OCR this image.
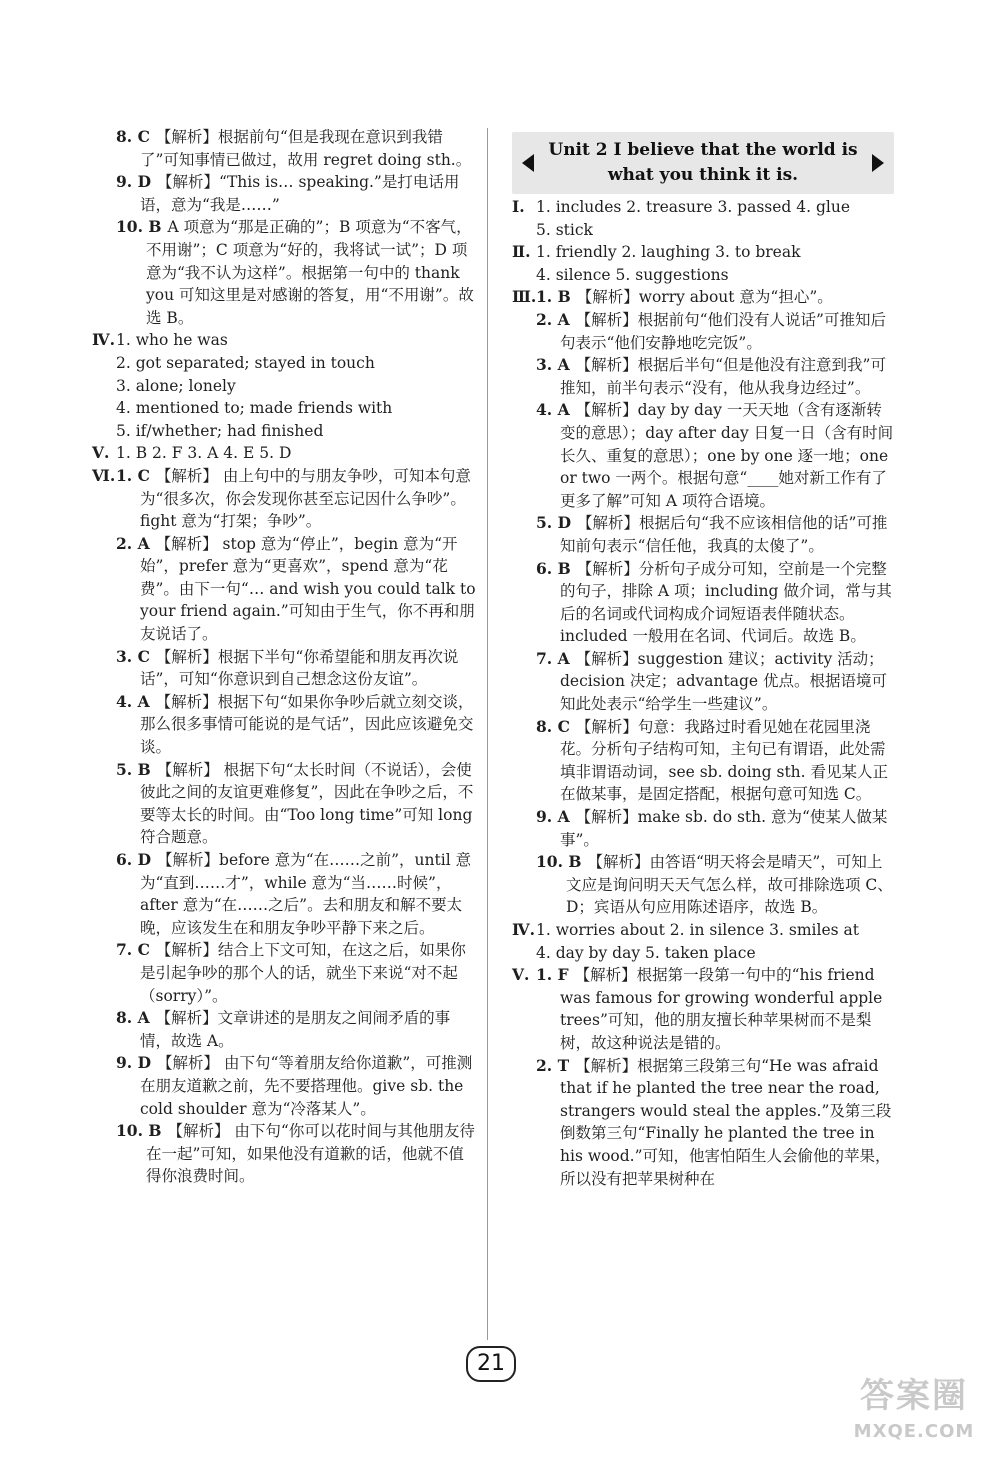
8. C 【解析】根据前句“但是我现在意识到我错了”可知事情已做过，故用 regret doing sth.。
9. D 【解析】“This is… speaking.”是打电话用语，意为“我是……”
10. B A 项意为“那是正确的”；B 项意为“不客气，不用谢”；C 项意为“好的，我将试一试”；D 项意为“我不认为这样”。根据第一句中的 thank you 可知这里是对感谢的答复，用“不用谢”。故选 B。
Ⅳ. 1. who he was
2. got separated; stayed in touch
3. alone; lonely
4. mentioned to; made friends with
5. if/whether; had finished
Ⅴ. 1. B 2. F 3. A 4. E 5. D
Ⅵ. 1. C 【解析】 由上句中的与朋友争吵，可知本句意为“很多次，你会发现你甚至忘记因什么争吵”。fight 意为“打架；争吵”。
2. A 【解析】 stop 意为“停止”，begin 意为“开始”，prefer 意为“更喜欢”，spend 意为“花费”。由下一句“… and wish you could talk to your friend again.”可知由于生气，你不再和朋友说话了。
3. C 【解析】根据下半句“你希望能和朋友再次说话”，可知“你意识到自己想念这份友谊”。
4. A 【解析】根据下句“如果你争吵后就立刻交谈，那么很多事情可能说的是气话”，因此应该避免交谈。
5. B 【解析】 根据下句“太长时间（不说话），会使彼此之间的友谊更难修复”，因此在争吵之后，不要等太长的时间。由“Too long time”可知 long 符合题意。
6. D 【解析】before 意为“在……之前”，until 意为“直到……才”，while 意为“当……时候”，after 意为“在……之后”。去和朋友和解不要太晚，应该发生在和朋友争吵平静下来之后。
7. C 【解析】结合上下文可知，在这之后，如果你是引起争吵的那个人的话，就坐下来说“对不起（sorry）”。
8. A 【解析】文章讲述的是朋友之间闹矛盾的事情，故选 A。
9. D 【解析】 由下句“等着朋友给你道歉”，可推测在朋友道歉之前，先不要搭理他。give sb. the cold shoulder 意为“冷落某人”。
10. B 【解析】 由下句“你可以花时间与其他朋友待在一起”可知，如果他没有道歉的话，他就不值得你浪费时间。
Unit 2 I believe that the world is
what you think it is.
Ⅰ. 1. includes 2. treasure 3. passed 4. glue
5. stick
Ⅱ. 1. friendly 2. laughing 3. to break
4. silence 5. suggestions
Ⅲ. 1. B 【解析】worry about 意为“担心”。
2. A 【解析】根据前句“他们没有人说话”可推知后句表示“他们安静地吃完饭”。
3. A 【解析】根据后半句“但是他没有注意到我”可推知，前半句表示“没有，他从我身边经过”。
4. A 【解析】day by day 一天天地（含有逐渐转变的意思）；day after day 日复一日（含有时间长久、重复的意思）；one by one 逐一地；one or two 一两个。根据句意“____她对新工作有了更多了解”可知 A 项符合语境。
5. D 【解析】根据后句“我不应该相信他的话”可推知前句表示“信任他，我真的太傻了”。
6. B 【解析】分析句子成分可知，空前是一个完整的句子，排除 A 项；including 做介词，常与其后的名词或代词构成介词短语表伴随状态。included 一般用在名词、代词后。故选 B。
7. A 【解析】suggestion 建议；activity 活动；decision 决定；advantage 优点。根据语境可知此处表示“给学生一些建议”。
8. C 【解析】句意：我路过时看见她在花园里浇花。分析句子结构可知，主句已有谓语，此处需填非谓语动词，see sb. doing sth. 看见某人正在做某事，是固定搭配，根据句意可知选 C。
9. A 【解析】make sb. do sth. 意为“使某人做某事”。
10. B 【解析】由答语“明天将会是晴天”，可知上文应是询问明天天气怎么样，故可排除选项 C、D；宾语从句应用陈述语序，故选 B。
Ⅳ. 1. worries about 2. in silence 3. smiles at
4. day by day 5. taken place
Ⅴ. 1. F 【解析】根据第一段第一句中的“his friend was famous for growing wonderful apple trees”可知，他的朋友擅长种苹果树而不是梨树，故这种说法是错的。
2. T 【解析】根据第三段第三句“He was afraid that if he planted the tree near the road, strangers would steal the apples.”及第三段倒数第三句“Finally he planted the tree in his wood.”可知，他害怕陌生人会偷他的苹果，所以没有把苹果树种在
21
答案圈
MXQE.COM
